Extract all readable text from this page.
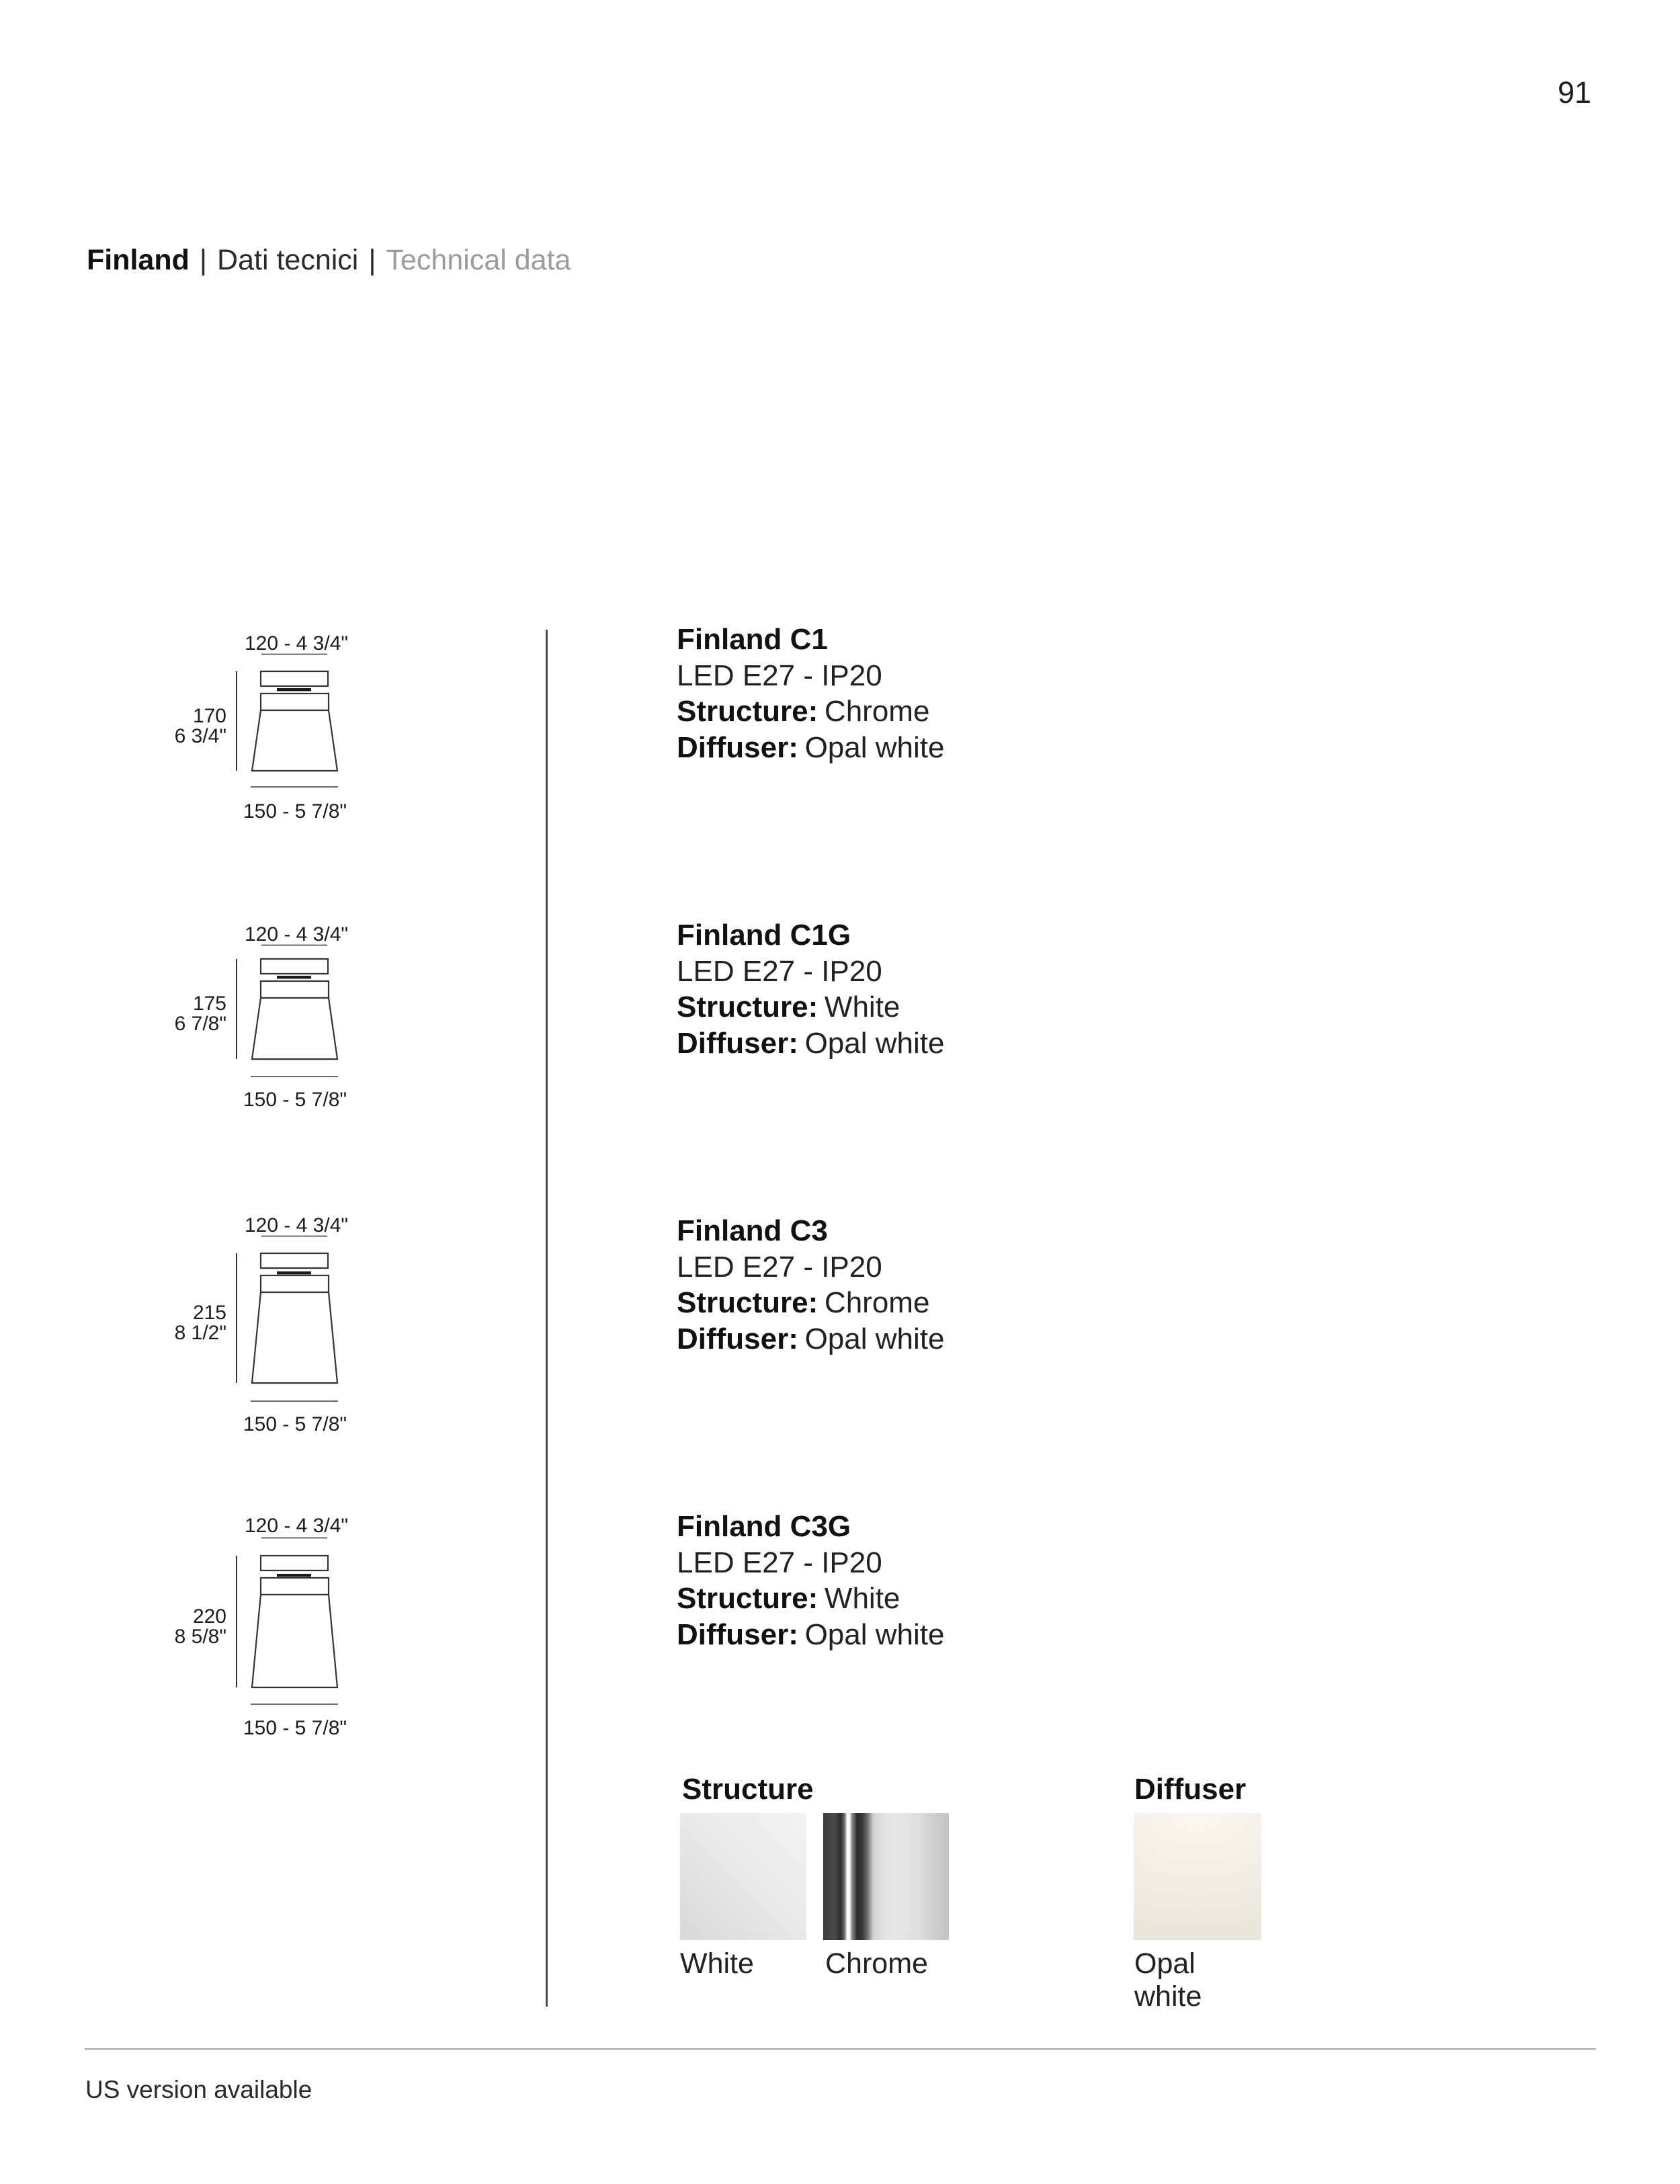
91
Finland | Dati tecnici | Technical data
120 - 4 3/4"
170
6 3/4"
150 - 5 7/8"
Finland C1
LED E27 - IP20
Structure: Chrome
Diffuser: Opal white
120 - 4 3/4"
175
6 7/8"
150 - 5 7/8"
Finland C1G
LED E27 - IP20
Structure: White
Diffuser: Opal white
120 - 4 3/4"
215
8 1/2"
150 - 5 7/8"
Finland C3
LED E27 - IP20
Structure: Chrome
Diffuser: Opal white
120 - 4 3/4"
220
8 5/8"
150 - 5 7/8"
Finland C3G
LED E27 - IP20
Structure: White
Diffuser: Opal white
Structure	Diffuser
White Chrome	Opal white
US version available
